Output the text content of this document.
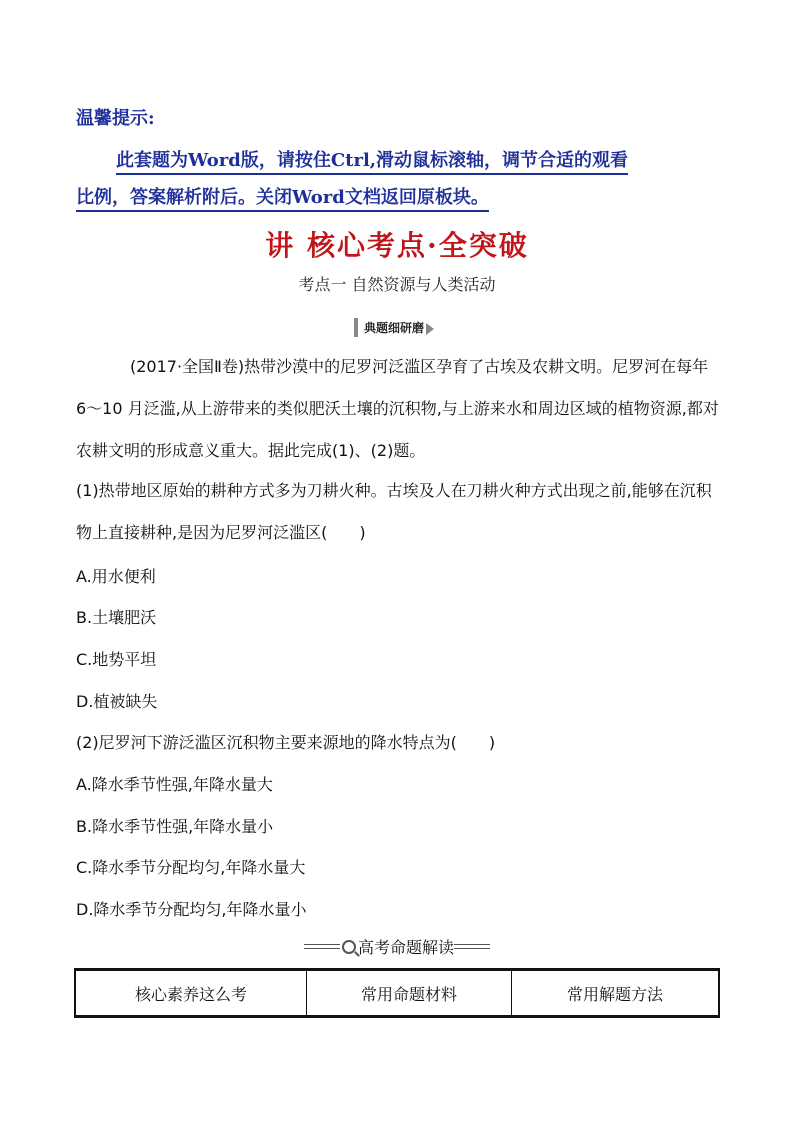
温馨提示:
此套题为Word版，请按住Ctrl,滑动鼠标滚轴，调节合适的观看
比例，答案解析附后。关闭Word文档返回原板块。
讲 核心考点·全突破
考点一 自然资源与人类活动
典题细研磨
(2017·全国Ⅱ卷)热带沙漠中的尼罗河泛滥区孕育了古埃及农耕文明。尼罗河在每年 6～10 月泛滥,从上游带来的类似肥沃土壤的沉积物,与上游来水和周边区域的植物资源,都对农耕文明的形成意义重大。据此完成(1)、(2)题。
(1)热带地区原始的耕种方式多为刀耕火种。古埃及人在刀耕火种方式出现之前,能够在沉积物上直接耕种,是因为尼罗河泛滥区(　　)
A.用水便利
B.土壤肥沃
C.地势平坦
D.植被缺失
(2)尼罗河下游泛滥区沉积物主要来源地的降水特点为(　　)
A.降水季节性强,年降水量大
B.降水季节性强,年降水量小
C.降水季节分配均匀,年降水量大
D.降水季节分配均匀,年降水量小
高考命题解读
核心素养这么考	常用命题材料	常用解题方法
